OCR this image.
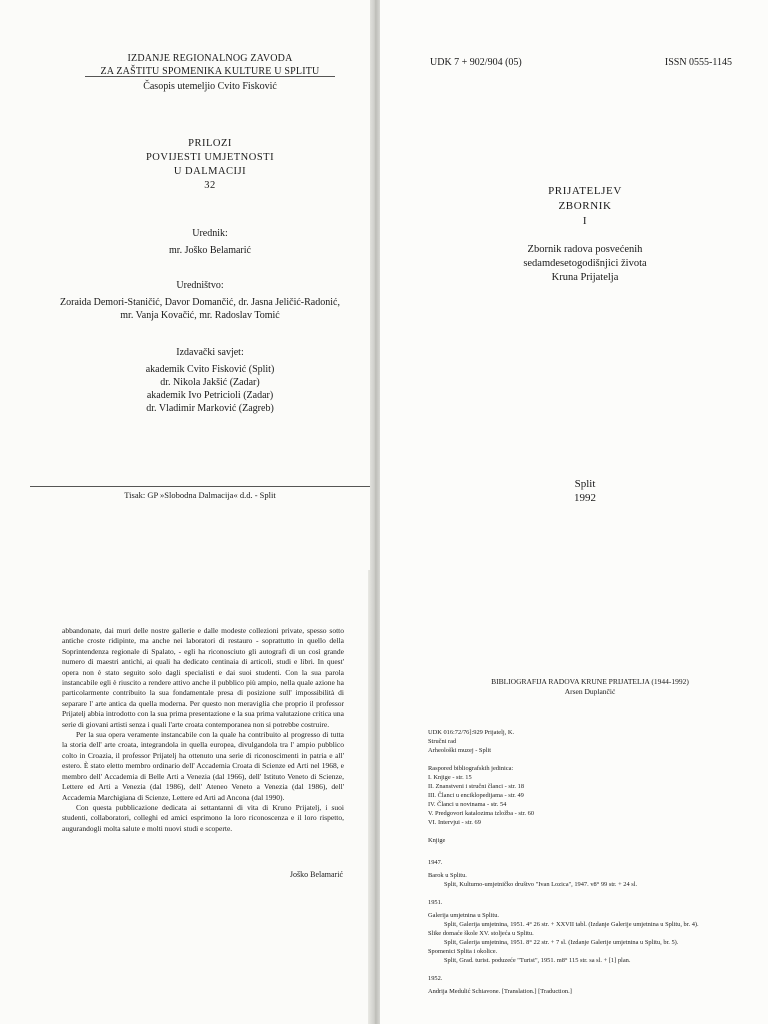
IZDANJE REGIONALNOG ZAVODA

ZA ZAŠTITU SPOMENIKA KULTURE U SPLITU

Časopis utemeljio Cvito Fisković

PRILOZI

POVIJESTI UMJETNOSTI

U DALMACIJI

32

Urednik:

mr. Joško Belamarić

Uredništvo:

Zoraida Demori-Staničić, Davor Domančić, dr. Jasna Jeličić-Radonić,

mr. Vanja Kovačić, mr. Radoslav Tomić

Izdavački savjet:

akademik Cvito Fisković (Split)

dr. Nikola Jakšić (Zadar)

akademik Ivo Petricioli (Zadar)

dr. Vladimir Marković (Zagreb)

Tisak: GP »Slobodna Dalmacija« d.d. - Split

UDK 7 + 902/904 (05)	ISSN 0555-1145

PRIJATELJEV

ZBORNIK

I

Zbornik radova posvećenih

sedamdesetogodišnjici života

Kruna Prijatelja

Split

1992

abbandonate, dai muri delle nostre gallerie e dalle modeste collezioni private, spesso sotto antiche croste ridipinte, ma anche nei laboratori di restauro - soprattutto in quello della Soprintendenza regionale di Spalato, - egli ha riconosciuto gli autografi di un così grande numero di maestri antichi, ai quali ha dedicato centinaia di articoli, studi e libri. In quest' opera non è stato seguito solo dagli specialisti e dai suoi studenti. Con la sua parola instancabile egli è riuscito a rendere attivo anche il pubblico più ampio, nella quale azione ha particolarmente contribuito la sua fondamentale presa di posizione sull' impossibilità di separare l' arte antica da quella moderna. Per questo non meraviglia che proprio il professor Prijatelj abbia introdotto con la sua prima presentazione e la sua prima valutazione critica una serie di giovani artisti senza i quali l'arte croata contemporanea non si potrebbe costruire.

Per la sua opera veramente instancabile con la quale ha contribuito al progresso di tutta la storia dell' arte croata, integrandola in quella europea, divulgandola tra l' ampio pubblico colto in Croazia, il professor Prijatelj ha ottenuto una serie di riconoscimenti in patria e all' estero. È stato eletto membro ordinario dell' Accademia Croata di Scienze ed Arti nel 1968, e membro dell' Accademia di Belle Arti a Venezia (dal 1966), dell' Istituto Veneto di Scienze, Lettere ed Arti a Venezia (dal 1986), dell' Ateneo Veneto a Venezia (dal 1986), dell' Accademia Marchigiana di Scienze, Lettere ed Arti ad Ancona (dal 1990).

Con questa pubblicazione dedicata ai settantanni di vita di Kruno Prijatelj, i suoi studenti, collaboratori, colleghi ed amici esprimono la loro riconoscenza e il loro rispetto, augurandogli molta salute e molti nuovi studi e scoperte.

Joško Belamarić

BIBLIOGRAFIJA RADOVA KRUNE PRIJATELJA (1944-1992)

Arsen Duplančić

UDK 016:72/76]:929 Prijatelj, K.

Stručni rad

Arheološki muzej - Split

Raspored bibliografskih jedinica:

I. Knjige - str. 15

II. Znanstveni i stručni članci - str. 18

III. Članci u enciklopedijama - str. 49

IV. Članci u novinama - str. 54

V. Predgovori katalozima izložba - str. 60

VI. Intervjui - str. 69

Knjige

1947.

Barok u Splitu.

Split, Kulturno-umjetničko društvo "Ivan Lozica", 1947. v8° 99 str. + 24 sl.

1951.

Galerija umjetnina u Splitu.

Split, Galerija umjetnina, 1951. 4° 26 str. + XXVII tabl. (Izdanje Galerije umjetnina u Splitu, br. 4).

Slike domaće škole XV. stoljeća u Splitu.

Split, Galerija umjetnina, 1951. 8° 22 str. + 7 sl. (Izdanje Galerije umjetnina u Splitu, br. 5).

Spomenici Splita i okolice.

Split, Grad. turist. poduzeće "Turist", 1951. m8° 115 str. sa sl. + [1] plan.

1952.

Andrija Medulić Schiavone. [Translation.] [Traduction.]
